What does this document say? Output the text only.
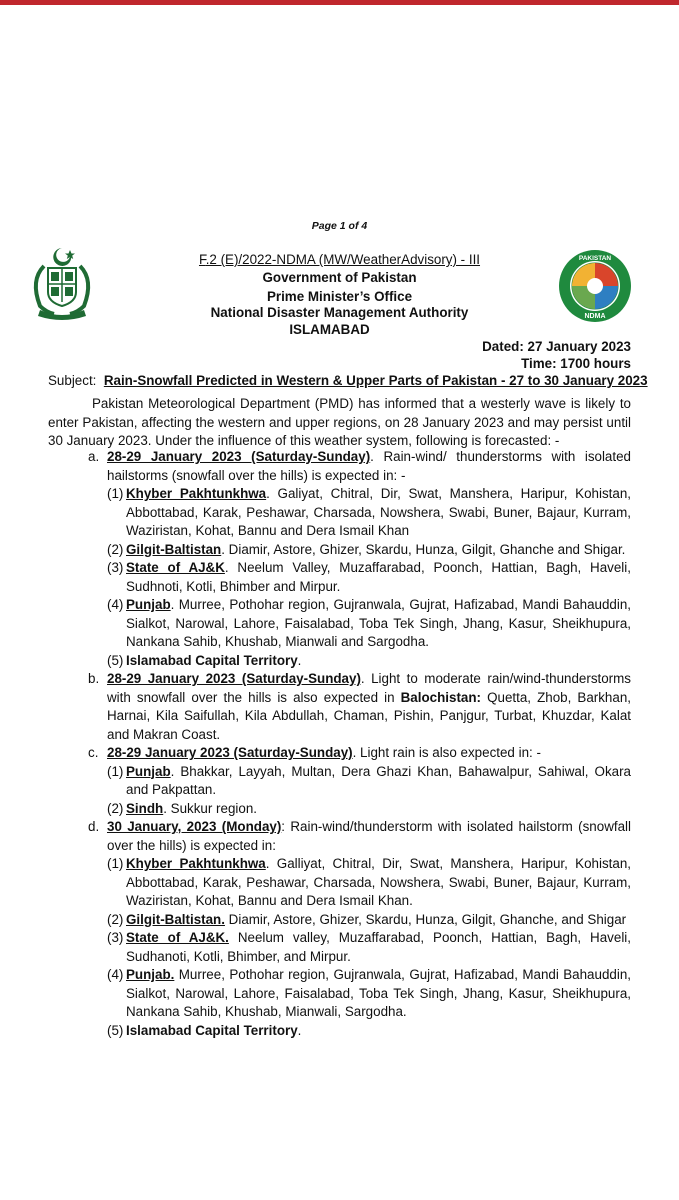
Page 1 of 4
PAKISTAN
NDMA
F.2 (E)/2022-NDMA (MW/WeatherAdvisory) - III
Government of Pakistan
Prime Minister’s Office
National Disaster Management Authority
ISLAMABAD
Dated: 27 January 2023
Time: 1700 hours
Subject: Rain-Snowfall Predicted in Western & Upper Parts of Pakistan - 27 to 30 January 2023

Pakistan Meteorological Department (PMD) has informed that a westerly wave is likely to enter Pakistan, affecting the western and upper regions, on 28 January 2023 and may persist until 30 January 2023. Under the influence of this weather system, following is forecasted: -

a. 28-29 January 2023 (Saturday-Sunday). Rain-wind/ thunderstorms with isolated hailstorms (snowfall over the hills) is expected in: -
(1) Khyber Pakhtunkhwa. Galiyat, Chitral, Dir, Swat, Manshera, Haripur, Kohistan, Abbottabad, Karak, Peshawar, Charsada, Nowshera, Swabi, Buner, Bajaur, Kurram, Waziristan, Kohat, Bannu and Dera Ismail Khan
(2) Gilgit-Baltistan. Diamir, Astore, Ghizer, Skardu, Hunza, Gilgit, Ghanche and Shigar.
(3) State of AJ&K. Neelum Valley, Muzaffarabad, Poonch, Hattian, Bagh, Haveli, Sudhnoti, Kotli, Bhimber and Mirpur.
(4) Punjab. Murree, Pothohar region, Gujranwala, Gujrat, Hafizabad, Mandi Bahauddin, Sialkot, Narowal, Lahore, Faisalabad, Toba Tek Singh, Jhang, Kasur, Sheikhupura, Nankana Sahib, Khushab, Mianwali and Sargodha.
(5) Islamabad Capital Territory.
b. 28-29 January 2023 (Saturday-Sunday). Light to moderate rain/wind-thunderstorms with snowfall over the hills is also expected in Balochistan: Quetta, Zhob, Barkhan, Harnai, Kila Saifullah, Kila Abdullah, Chaman, Pishin, Panjgur, Turbat, Khuzdar, Kalat and Makran Coast.
c. 28-29 January 2023 (Saturday-Sunday). Light rain is also expected in: -
(1) Punjab. Bhakkar, Layyah, Multan, Dera Ghazi Khan, Bahawalpur, Sahiwal, Okara and Pakpattan.
(2) Sindh. Sukkur region.
d. 30 January, 2023 (Monday): Rain-wind/thunderstorm with isolated hailstorm (snowfall over the hills) is expected in:
(1) Khyber Pakhtunkhwa. Galliyat, Chitral, Dir, Swat, Manshera, Haripur, Kohistan, Abbottabad, Karak, Peshawar, Charsada, Nowshera, Swabi, Buner, Bajaur, Kurram, Waziristan, Kohat, Bannu and Dera Ismail Khan.
(2) Gilgit-Baltistan. Diamir, Astore, Ghizer, Skardu, Hunza, Gilgit, Ghanche, and Shigar
(3) State of AJ&K. Neelum valley, Muzaffarabad, Poonch, Hattian, Bagh, Haveli, Sudhanoti, Kotli, Bhimber, and Mirpur.
(4) Punjab. Murree, Pothohar region, Gujranwala, Gujrat, Hafizabad, Mandi Bahauddin, Sialkot, Narowal, Lahore, Faisalabad, Toba Tek Singh, Jhang, Kasur, Sheikhupura, Nankana Sahib, Khushab, Mianwali, Sargodha.
(5) Islamabad Capital Territory.
